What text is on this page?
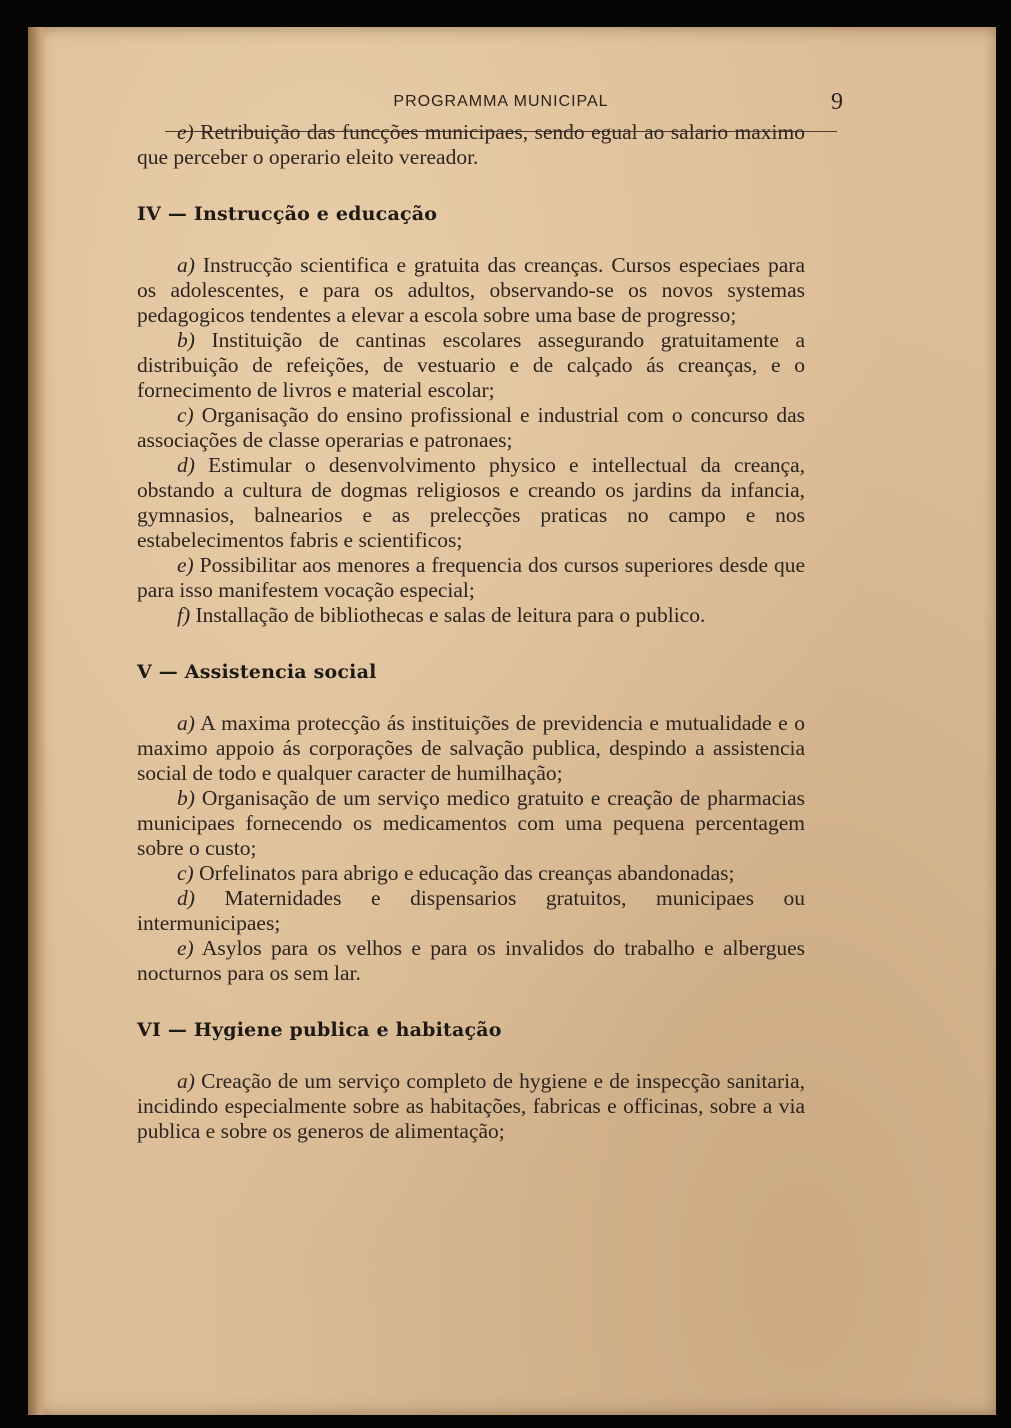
PROGRAMMA MUNICIPAL	9

e) Retribuição das funcções municipaes, sendo egual ao salario maximo que perceber o operario eleito vereador.

IV — Instrucção e educação

a) Instrucção scientifica e gratuita das creanças. Cursos especiaes para os adolescentes, e para os adultos, observando-se os novos systemas pedagogicos tendentes a elevar a escola sobre uma base de progresso;

b) Instituição de cantinas escolares assegurando gratuitamente a distribuição de refeições, de vestuario e de calçado ás creanças, e o fornecimento de livros e material escolar;

c) Organisação do ensino profissional e industrial com o concurso das associações de classe operarias e patronaes;

d) Estimular o desenvolvimento physico e intellectual da creança, obstando a cultura de dogmas religiosos e creando os jardins da infancia, gymnasios, balnearios e as prelecções praticas no campo e nos estabelecimentos fabris e scientificos;

e) Possibilitar aos menores a frequencia dos cursos superiores desde que para isso manifestem vocação especial;

f) Installação de bibliothecas e salas de leitura para o publico.

V — Assistencia social

a) A maxima protecção ás instituições de previdencia e mutualidade e o maximo appoio ás corporações de salvação publica, despindo a assistencia social de todo e qualquer caracter de humilhação;

b) Organisação de um serviço medico gratuito e creação de pharmacias municipaes fornecendo os medicamentos com uma pequena percentagem sobre o custo;

c) Orfelinatos para abrigo e educação das creanças abandonadas;

d) Maternidades e dispensarios gratuitos, municipaes ou intermunicipaes;

e) Asylos para os velhos e para os invalidos do trabalho e albergues nocturnos para os sem lar.

VI — Hygiene publica e habitação

a) Creação de um serviço completo de hygiene e de inspecção sanitaria, incidindo especialmente sobre as habitações, fabricas e officinas, sobre a via publica e sobre os generos de alimentação;
